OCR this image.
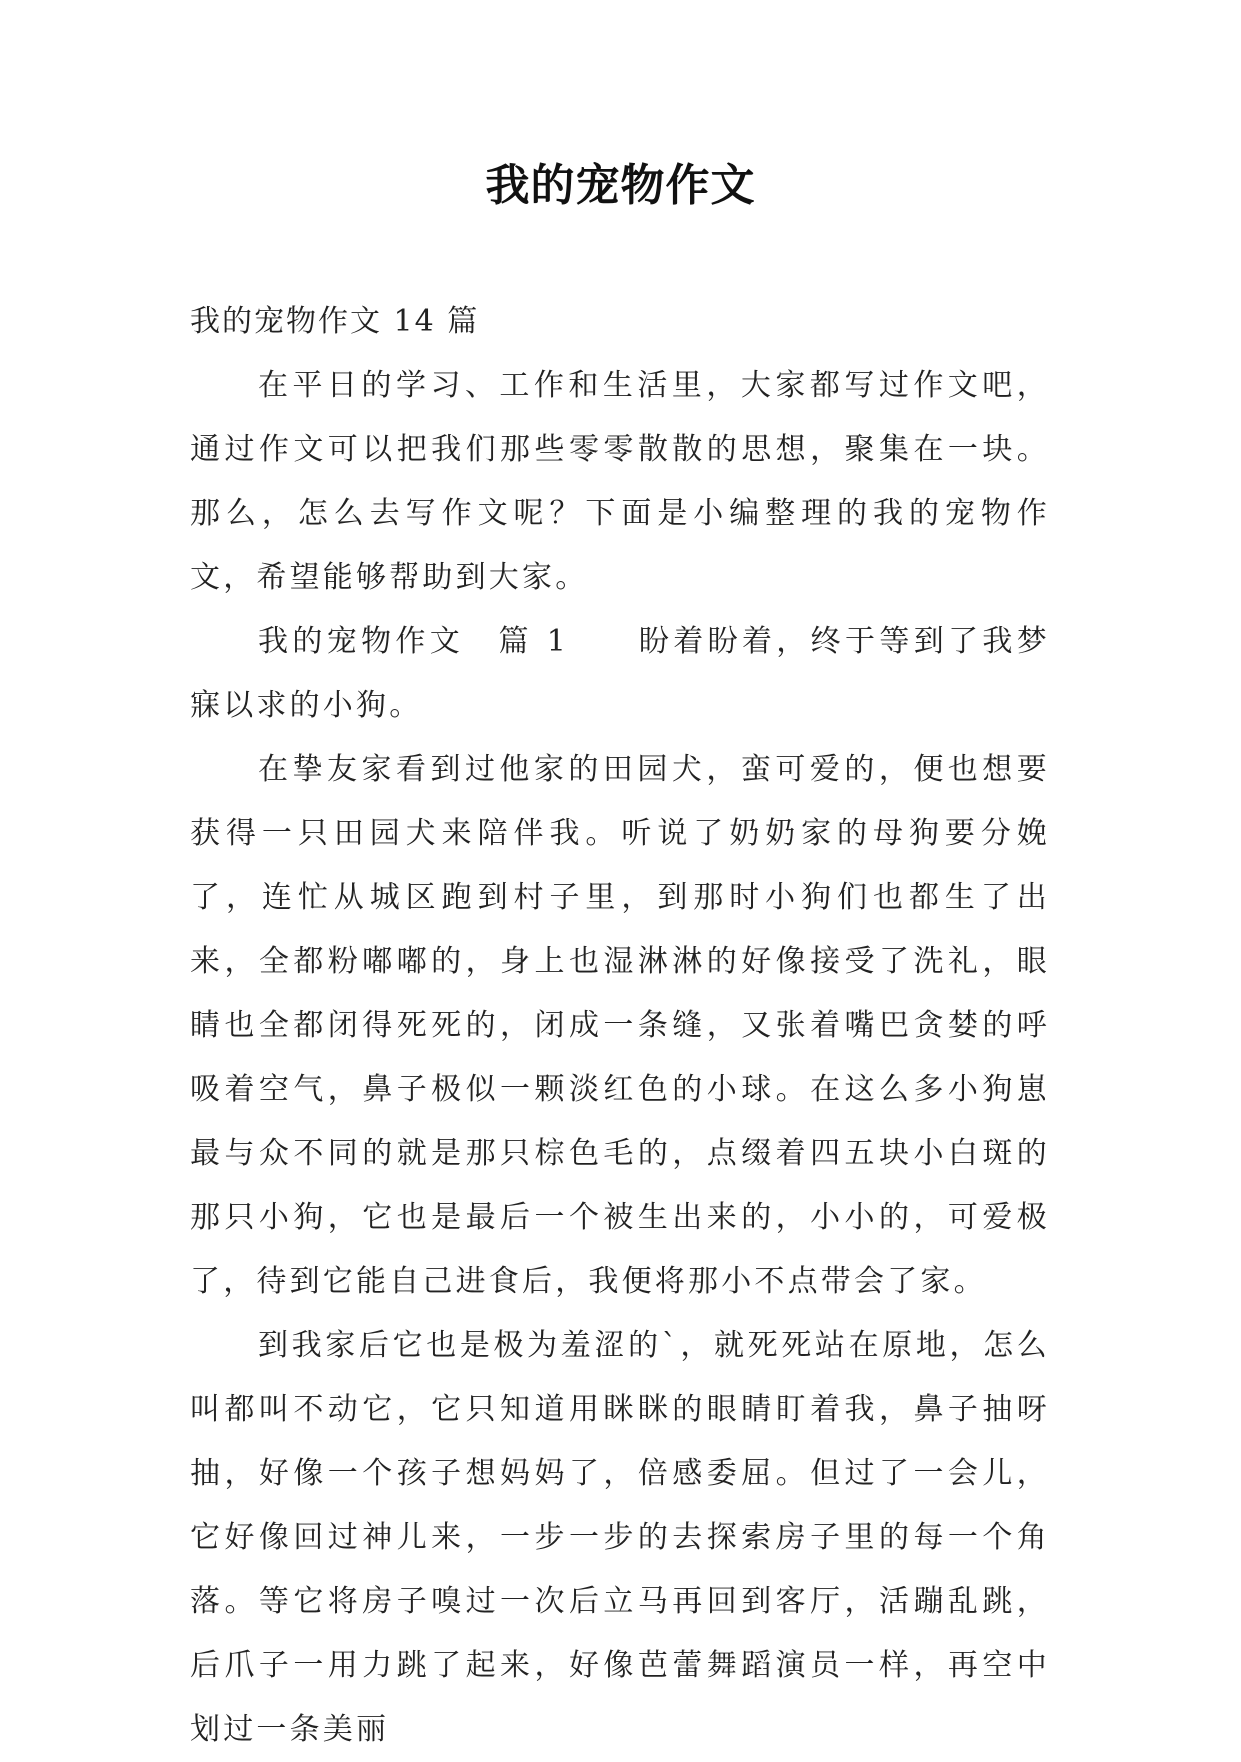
我的宠物作文

我的宠物作文 14 篇

在平日的学习、工作和生活里，大家都写过作文吧，通过作文可以把我们那些零零散散的思想，聚集在一块。那么，怎么去写作文呢？下面是小编整理的我的宠物作文，希望能够帮助到大家。

我的宠物作文　篇 1　　盼着盼着，终于等到了我梦寐以求的小狗。

在挚友家看到过他家的田园犬，蛮可爱的，便也想要获得一只田园犬来陪伴我。听说了奶奶家的母狗要分娩了，连忙从城区跑到村子里，到那时小狗们也都生了出来，全都粉嘟嘟的，身上也湿淋淋的好像接受了洗礼，眼睛也全都闭得死死的，闭成一条缝，又张着嘴巴贪婪的呼吸着空气，鼻子极似一颗淡红色的小球。在这么多小狗崽最与众不同的就是那只棕色毛的，点缀着四五块小白斑的那只小狗，它也是最后一个被生出来的，小小的，可爱极了，待到它能自己进食后，我便将那小不点带会了家。

到我家后它也是极为羞涩的`，就死死站在原地，怎么叫都叫不动它，它只知道用眯眯的眼睛盯着我，鼻子抽呀抽，好像一个孩子想妈妈了，倍感委屈。但过了一会儿，它好像回过神儿来，一步一步的去探索房子里的每一个角落。等它将房子嗅过一次后立马再回到客厅，活蹦乱跳，后爪子一用力跳了起来，好像芭蕾舞蹈演员一样，再空中划过一条美丽
